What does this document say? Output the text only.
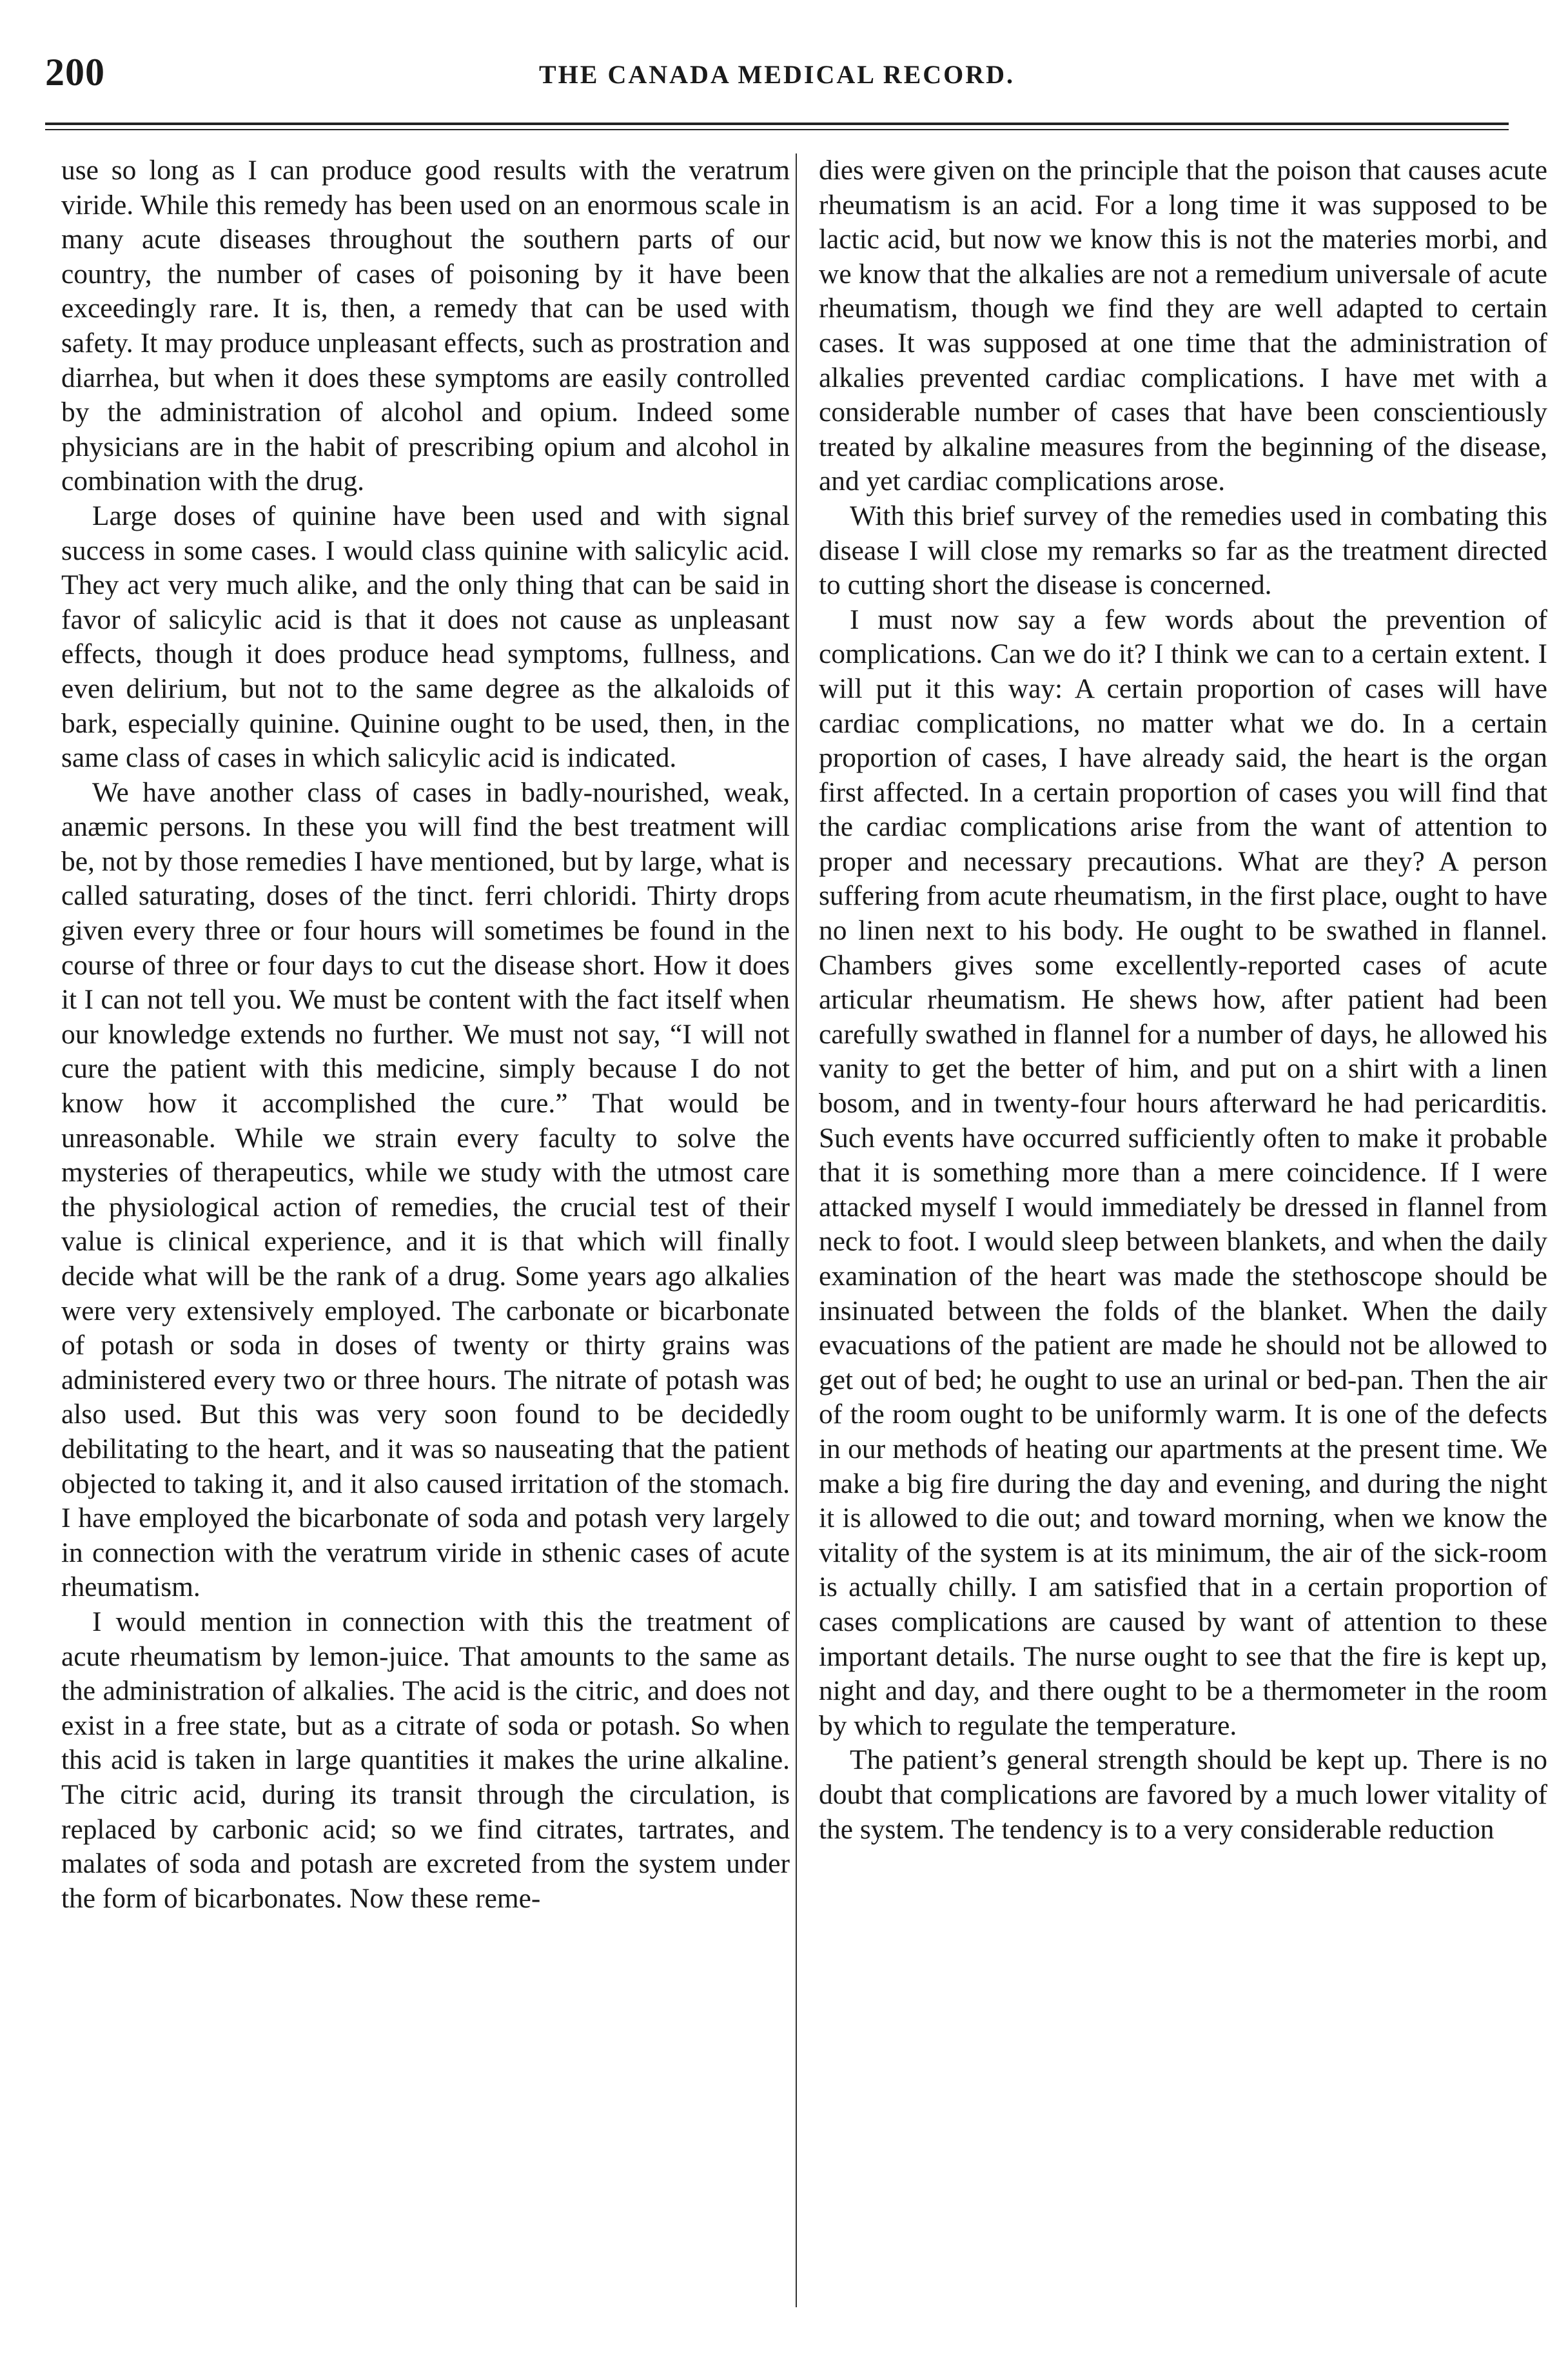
200	THE CANADA MEDICAL RECORD.

use so long as I can produce good results with the veratrum viride. While this remedy has been used on an enormous scale in many acute diseases throughout the southern parts of our country, the number of cases of poisoning by it have been exceedingly rare. It is, then, a remedy that can be used with safety. It may produce unpleasant effects, such as prostration and diarrhea, but when it does these symptoms are easily controlled by the administration of alcohol and opium. Indeed some physicians are in the habit of prescribing opium and alcohol in combination with the drug.

Large doses of quinine have been used and with signal success in some cases. I would class quinine with salicylic acid. They act very much alike, and the only thing that can be said in favor of salicylic acid is that it does not cause as unpleasant effects, though it does produce head symptoms, fullness, and even delirium, but not to the same degree as the alkaloids of bark, especially quinine. Quinine ought to be used, then, in the same class of cases in which salicylic acid is indicated.

We have another class of cases in badly-nourished, weak, anæmic persons. In these you will find the best treatment will be, not by those remedies I have mentioned, but by large, what is called saturating, doses of the tinct. ferri chloridi. Thirty drops given every three or four hours will sometimes be found in the course of three or four days to cut the disease short. How it does it I can not tell you. We must be content with the fact itself when our knowledge extends no further. We must not say, “I will not cure the patient with this medicine, simply because I do not know how it accomplished the cure.” That would be unreasonable. While we strain every faculty to solve the mysteries of therapeutics, while we study with the utmost care the physiological action of remedies, the crucial test of their value is clinical experience, and it is that which will finally decide what will be the rank of a drug. Some years ago alkalies were very extensively employed. The carbonate or bicarbonate of potash or soda in doses of twenty or thirty grains was administered every two or three hours. The nitrate of potash was also used. But this was very soon found to be decidedly debilitating to the heart, and it was so nauseating that the patient objected to taking it, and it also caused irritation of the stomach. I have employed the bicarbonate of soda and potash very largely in connection with the veratrum viride in sthenic cases of acute rheumatism.

I would mention in connection with this the treatment of acute rheumatism by lemon-juice. That amounts to the same as the administration of alkalies. The acid is the citric, and does not exist in a free state, but as a citrate of soda or potash. So when this acid is taken in large quantities it makes the urine alkaline. The citric acid, during its transit through the circulation, is replaced by carbonic acid; so we find citrates, tartrates, and malates of soda and potash are excreted from the system under the form of bicarbonates. Now these reme-

dies were given on the principle that the poison that causes acute rheumatism is an acid. For a long time it was supposed to be lactic acid, but now we know this is not the materies morbi, and we know that the alkalies are not a remedium universale of acute rheumatism, though we find they are well adapted to certain cases. It was supposed at one time that the administration of alkalies prevented cardiac complications. I have met with a considerable number of cases that have been conscientiously treated by alkaline measures from the beginning of the disease, and yet cardiac complications arose.

With this brief survey of the remedies used in combating this disease I will close my remarks so far as the treatment directed to cutting short the disease is concerned.

I must now say a few words about the prevention of complications. Can we do it? I think we can to a certain extent. I will put it this way: A certain proportion of cases will have cardiac complications, no matter what we do. In a certain proportion of cases, I have already said, the heart is the organ first affected. In a certain proportion of cases you will find that the cardiac complications arise from the want of attention to proper and necessary precautions. What are they? A person suffering from acute rheumatism, in the first place, ought to have no linen next to his body. He ought to be swathed in flannel. Chambers gives some excellently-reported cases of acute articular rheumatism. He shews how, after patient had been carefully swathed in flannel for a number of days, he allowed his vanity to get the better of him, and put on a shirt with a linen bosom, and in twenty-four hours afterward he had pericarditis. Such events have occurred sufficiently often to make it probable that it is something more than a mere coincidence. If I were attacked myself I would immediately be dressed in flannel from neck to foot. I would sleep between blankets, and when the daily examination of the heart was made the stethoscope should be insinuated between the folds of the blanket. When the daily evacuations of the patient are made he should not be allowed to get out of bed; he ought to use an urinal or bed-pan. Then the air of the room ought to be uniformly warm. It is one of the defects in our methods of heating our apartments at the present time. We make a big fire during the day and evening, and during the night it is allowed to die out; and toward morning, when we know the vitality of the system is at its minimum, the air of the sick-room is actually chilly. I am satisfied that in a certain proportion of cases complications are caused by want of attention to these important details. The nurse ought to see that the fire is kept up, night and day, and there ought to be a thermometer in the room by which to regulate the temperature.

The patient’s general strength should be kept up. There is no doubt that complications are favored by a much lower vitality of the system. The tendency is to a very considerable reduction
